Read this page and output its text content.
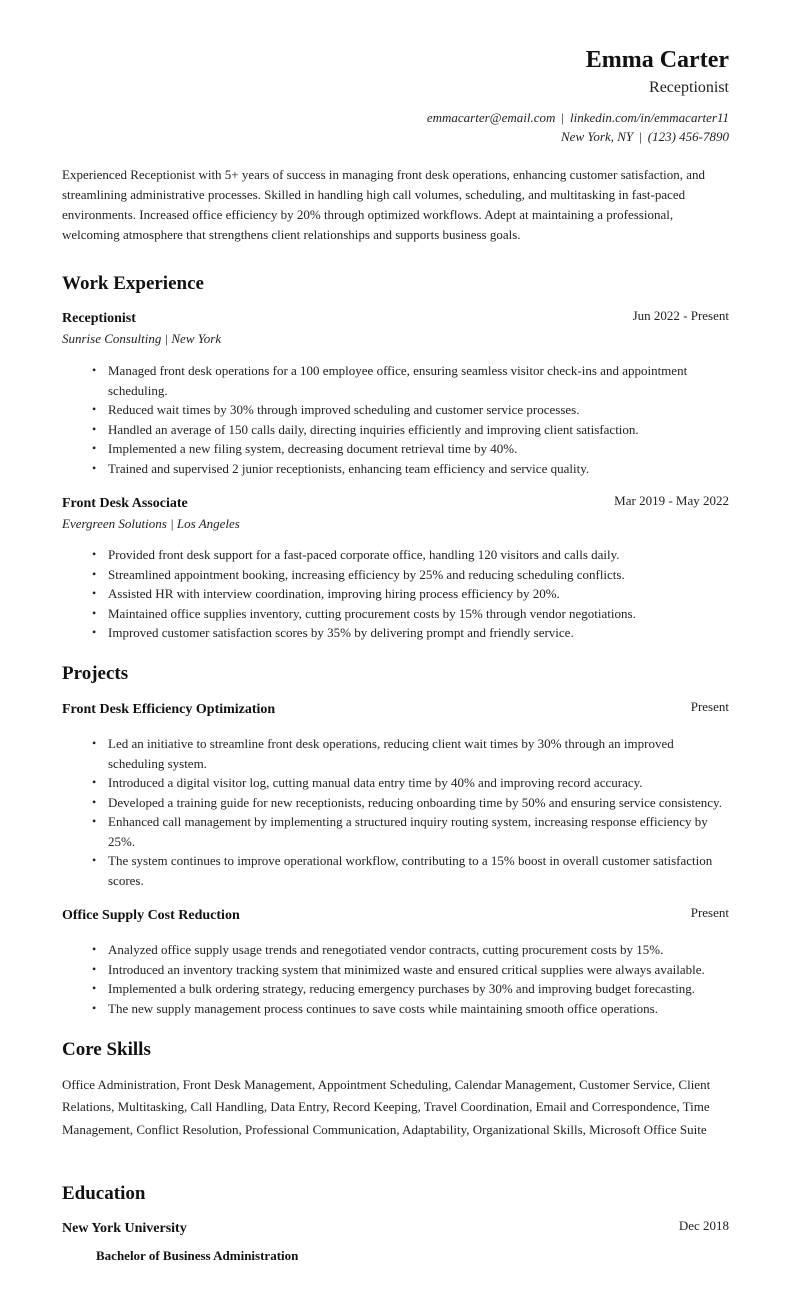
Emma Carter
Receptionist
emmacarter@email.com | linkedin.com/in/emmacarter11
New York, NY | (123) 456-7890

Experienced Receptionist with 5+ years of success in managing front desk operations, enhancing customer satisfaction, and streamlining administrative processes. Skilled in handling high call volumes, scheduling, and multitasking in fast-paced environments. Increased office efficiency by 20% through optimized workflows. Adept at maintaining a professional, welcoming atmosphere that strengthens client relationships and supports business goals.

Work Experience
Receptionist	Jun 2022 - Present
Sunrise Consulting | New York
• Managed front desk operations for a 100 employee office, ensuring seamless visitor check-ins and appointment scheduling.
• Reduced wait times by 30% through improved scheduling and customer service processes.
• Handled an average of 150 calls daily, directing inquiries efficiently and improving client satisfaction.
• Implemented a new filing system, decreasing document retrieval time by 40%.
• Trained and supervised 2 junior receptionists, enhancing team efficiency and service quality.
Front Desk Associate	Mar 2019 - May 2022
Evergreen Solutions | Los Angeles
• Provided front desk support for a fast-paced corporate office, handling 120 visitors and calls daily.
• Streamlined appointment booking, increasing efficiency by 25% and reducing scheduling conflicts.
• Assisted HR with interview coordination, improving hiring process efficiency by 20%.
• Maintained office supplies inventory, cutting procurement costs by 15% through vendor negotiations.
• Improved customer satisfaction scores by 35% by delivering prompt and friendly service.
Projects
Front Desk Efficiency Optimization	Present
• Led an initiative to streamline front desk operations, reducing client wait times by 30% through an improved scheduling system.
• Introduced a digital visitor log, cutting manual data entry time by 40% and improving record accuracy.
• Developed a training guide for new receptionists, reducing onboarding time by 50% and ensuring service consistency.
• Enhanced call management by implementing a structured inquiry routing system, increasing response efficiency by 25%.
• The system continues to improve operational workflow, contributing to a 15% boost in overall customer satisfaction scores.
Office Supply Cost Reduction	Present
• Analyzed office supply usage trends and renegotiated vendor contracts, cutting procurement costs by 15%.
• Introduced an inventory tracking system that minimized waste and ensured critical supplies were always available.
• Implemented a bulk ordering strategy, reducing emergency purchases by 30% and improving budget forecasting.
• The new supply management process continues to save costs while maintaining smooth office operations.
Core Skills
Office Administration, Front Desk Management, Appointment Scheduling, Calendar Management, Customer Service, Client Relations, Multitasking, Call Handling, Data Entry, Record Keeping, Travel Coordination, Email and Correspondence, Time Management, Conflict Resolution, Professional Communication, Adaptability, Organizational Skills, Microsoft Office Suite
Education
New York University	Dec 2018
Bachelor of Business Administration
